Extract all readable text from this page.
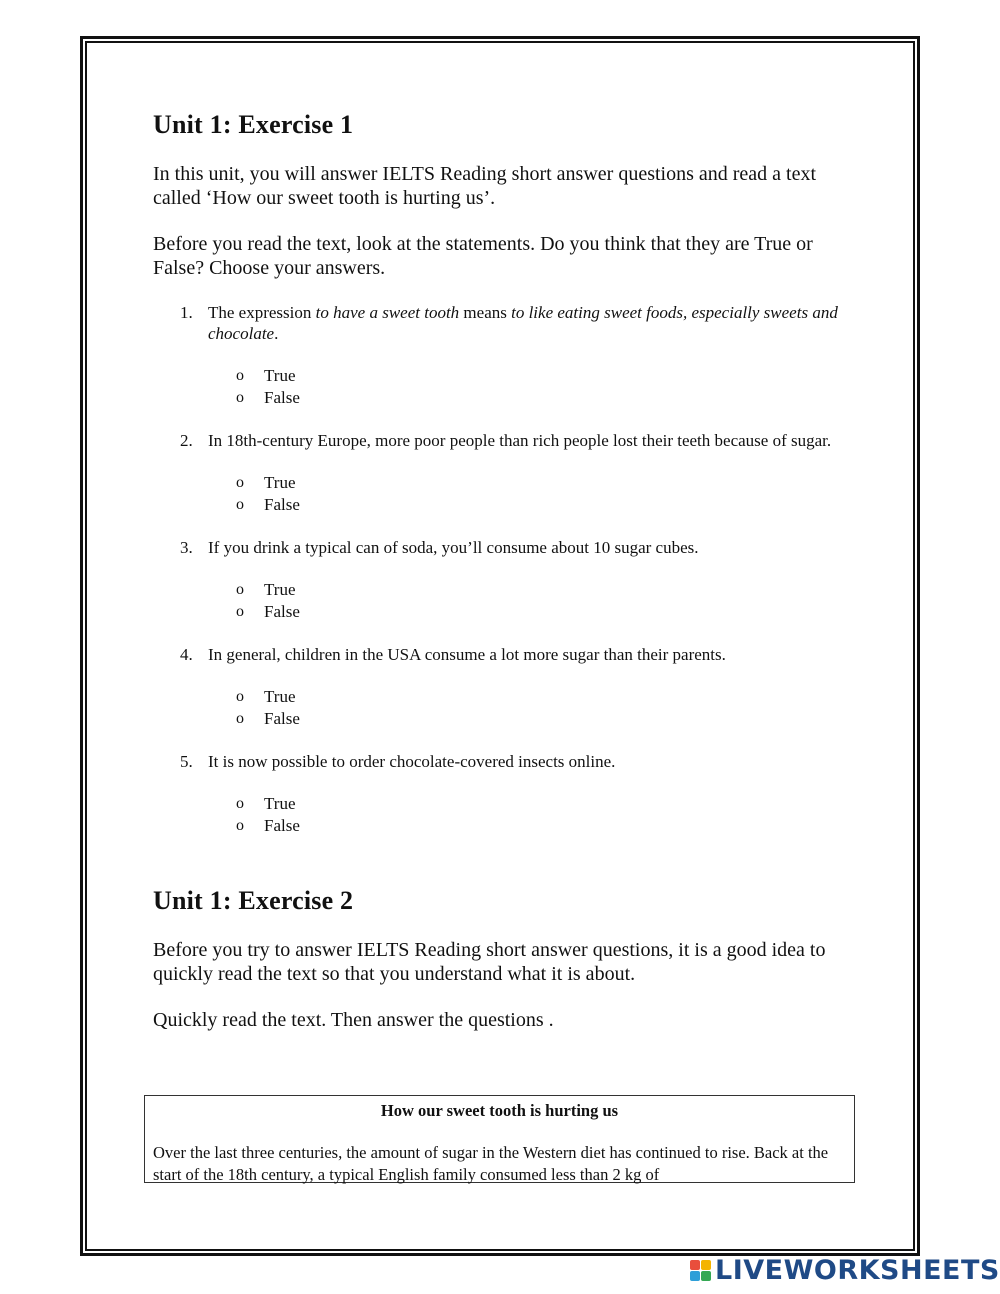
Unit 1: Exercise 1

In this unit, you will answer IELTS Reading short answer questions and read a text called ‘How our sweet tooth is hurting us’.

Before you read the text, look at the statements. Do you think that they are True or False? Choose your answers.

1. The expression to have a sweet tooth means to like eating sweet foods, especially sweets and chocolate.
o True
o False
2. In 18th-century Europe, more poor people than rich people lost their teeth because of sugar.
o True
o False
3. If you drink a typical can of soda, you’ll consume about 10 sugar cubes.
o True
o False
4. In general, children in the USA consume a lot more sugar than their parents.
o True
o False
5. It is now possible to order chocolate-covered insects online.
o True
o False
Unit 1: Exercise 2

Before you try to answer IELTS Reading short answer questions, it is a good idea to quickly read the text so that you understand what it is about.

Quickly read the text. Then answer the questions .

How our sweet tooth is hurting us
Over the last three centuries, the amount of sugar in the Western diet has continued to rise. Back at the start of the 18th century, a typical English family consumed less than 2 kg of
LIVEWORKSHEETS
